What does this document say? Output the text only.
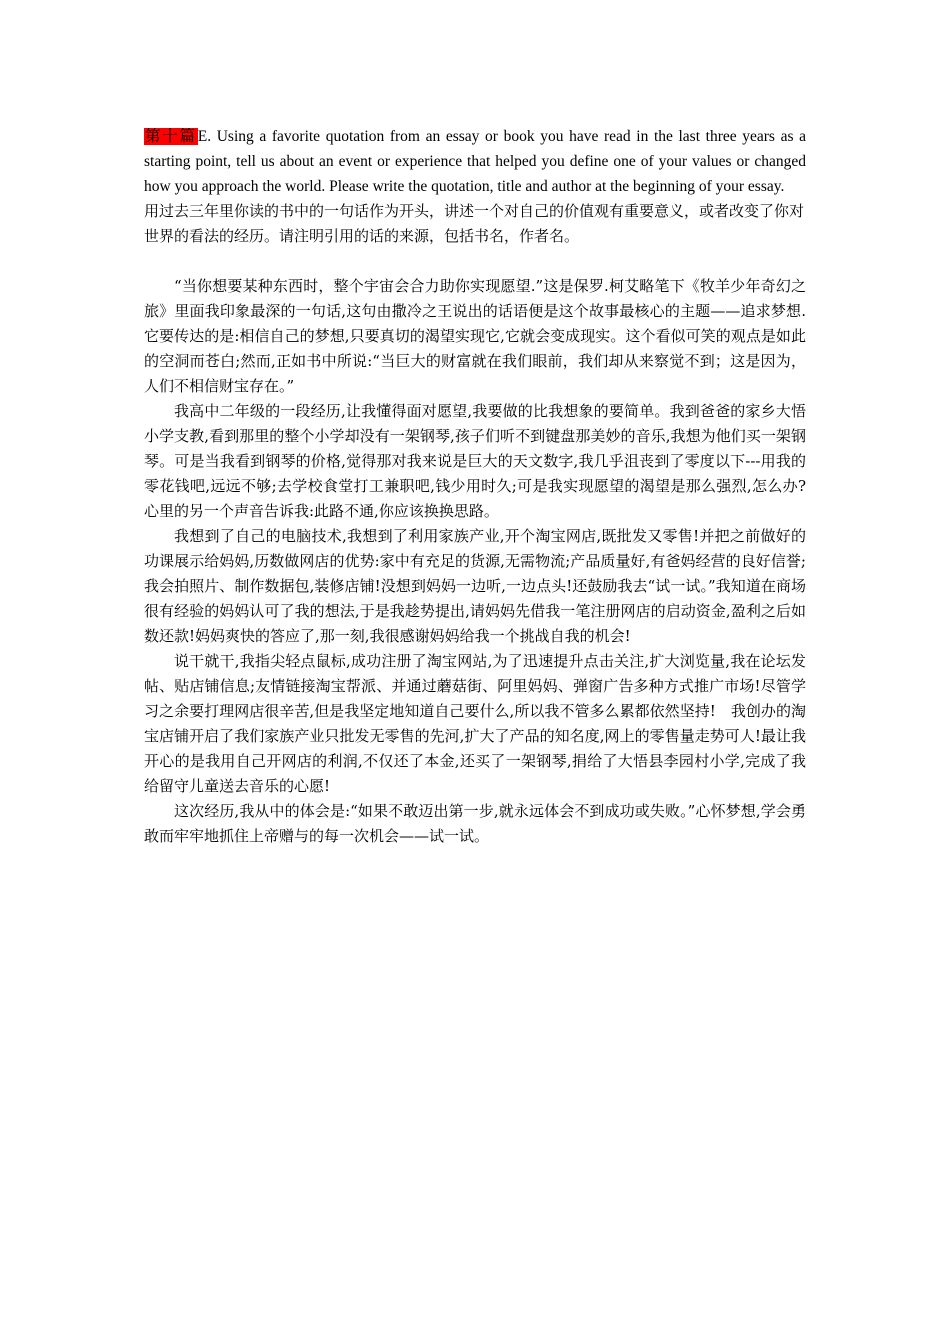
第十篇E. Using a favorite quotation from an essay or book you have read in the last three years as a starting point, tell us about an event or experience that helped you define one of your values or changed how you approach the world. Please write the quotation, title and author at the beginning of your essay.

用过去三年里你读的书中的一句话作为开头，讲述一个对自己的价值观有重要意义，或者改变了你对世界的看法的经历。请注明引用的话的来源，包括书名，作者名。

“当你想要某种东西时，整个宇宙会合力助你实现愿望.”这是保罗.柯艾略笔下《牧羊少年奇幻之旅》里面我印象最深的一句话,这句由撒冷之王说出的话语便是这个故事最核心的主题——追求梦想.它要传达的是:相信自己的梦想,只要真切的渴望实现它,它就会变成现实。这个看似可笑的观点是如此的空洞而苍白;然而,正如书中所说:“当巨大的财富就在我们眼前，我们却从来察觉不到；这是因为，人们不相信财宝存在。”

我高中二年级的一段经历,让我懂得面对愿望,我要做的比我想象的要简单。我到爸爸的家乡大悟小学支教,看到那里的整个小学却没有一架钢琴,孩子们听不到键盘那美妙的音乐,我想为他们买一架钢琴。可是当我看到钢琴的价格,觉得那对我来说是巨大的天文数字,我几乎沮丧到了零度以下---用我的零花钱吧,远远不够;去学校食堂打工兼职吧,钱少用时久;可是我实现愿望的渴望是那么强烈,怎么办?心里的另一个声音告诉我:此路不通,你应该换换思路。

我想到了自己的电脑技术,我想到了利用家族产业,开个淘宝网店,既批发又零售!并把之前做好的功课展示给妈妈,历数做网店的优势:家中有充足的货源,无需物流;产品质量好,有爸妈经营的良好信誉;我会拍照片、制作数据包,装修店铺!没想到妈妈一边听,一边点头!还鼓励我去“试一试。”我知道在商场很有经验的妈妈认可了我的想法,于是我趁势提出,请妈妈先借我一笔注册网店的启动资金,盈利之后如数还款!妈妈爽快的答应了,那一刻,我很感谢妈妈给我一个挑战自我的机会!

说干就干,我指尖轻点鼠标,成功注册了淘宝网站,为了迅速提升点击关注,扩大浏览量,我在论坛发帖、贴店铺信息;友情链接淘宝帮派、并通过蘑菇街、阿里妈妈、弹窗广告多种方式推广市场!尽管学习之余要打理网店很辛苦,但是我坚定地知道自己要什么,所以我不管多么累都依然坚持!　我创办的淘宝店铺开启了我们家族产业只批发无零售的先河,扩大了产品的知名度,网上的零售量走势可人!最让我开心的是我用自己开网店的利润,不仅还了本金,还买了一架钢琴,捐给了大悟县李园村小学,完成了我给留守儿童送去音乐的心愿!

这次经历,我从中的体会是:“如果不敢迈出第一步,就永远体会不到成功或失败。”心怀梦想,学会勇敢而牢牢地抓住上帝赠与的每一次机会——试一试。
